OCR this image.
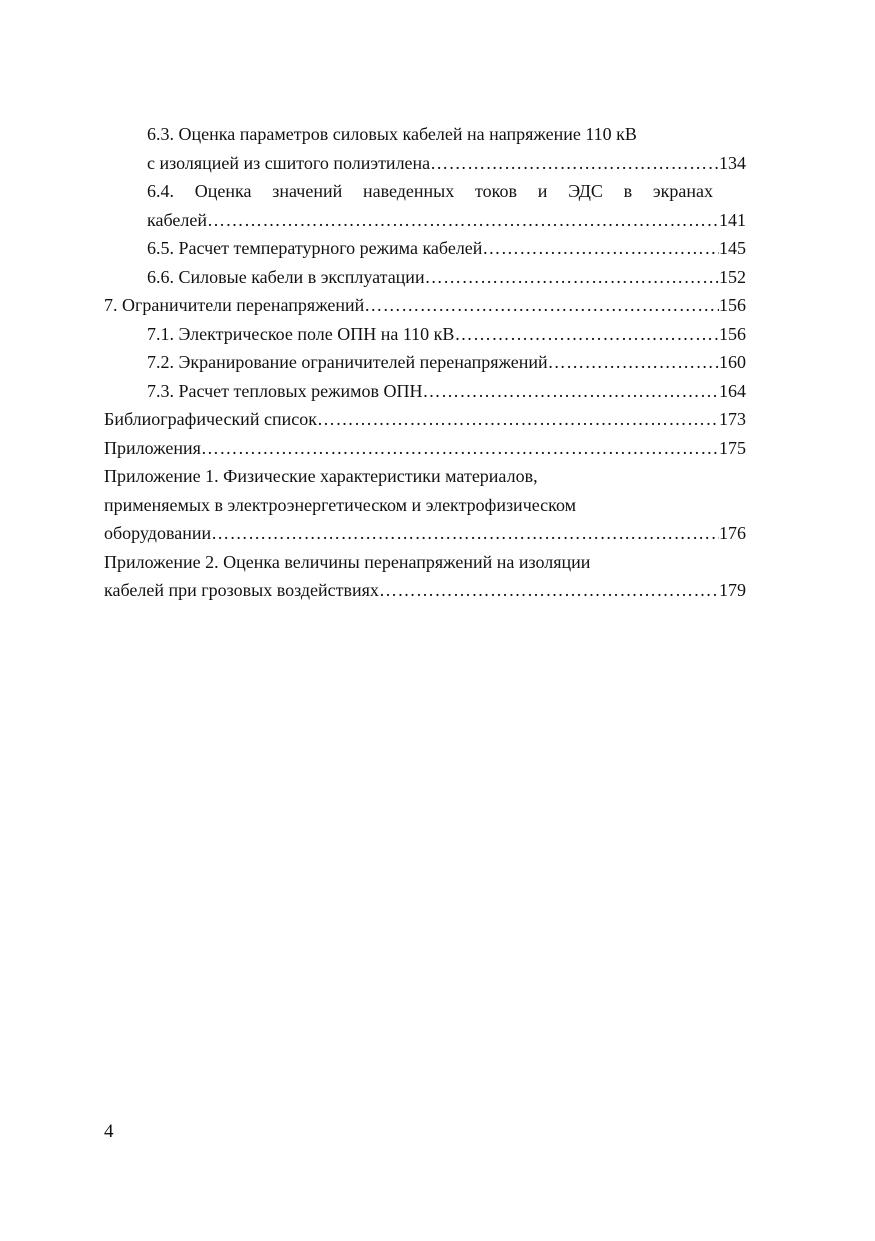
6.3. Оценка параметров силовых кабелей на напряжение 110 кВ
с изоляцией из сшитого полиэтилена ………………………………………………………………………………………………………………………………………………………………	134
6.4. Оценка значений наведенных токов и ЭДС в экранах
кабелей ………………………………………………………………………………………………………………………………………………………………	141
6.5. Расчет температурного режима кабелей ………………………………………………………………………………………………………………………………………………………………	145
6.6. Силовые кабели в эксплуатации ………………………………………………………………………………………………………………………………………………………………	152
7. Ограничители перенапряжений ………………………………………………………………………………………………………………………………………………………………	156
7.1. Электрическое поле ОПН на 110 кВ ………………………………………………………………………………………………………………………………………………………………	156
7.2. Экранирование ограничителей перенапряжений ………………………………………………………………………………………………………………………………………………………………	160
7.3. Расчет тепловых режимов ОПН ………………………………………………………………………………………………………………………………………………………………	164
Библиографический список ………………………………………………………………………………………………………………………………………………………………	173
Приложения ………………………………………………………………………………………………………………………………………………………………	175
Приложение 1. Физические характеристики материалов,
применяемых в электроэнергетическом и электрофизическом
оборудовании ………………………………………………………………………………………………………………………………………………………………	176
Приложение 2. Оценка величины перенапряжений на изоляции
кабелей при грозовых воздействиях ………………………………………………………………………………………………………………………………………………………………	179
4
